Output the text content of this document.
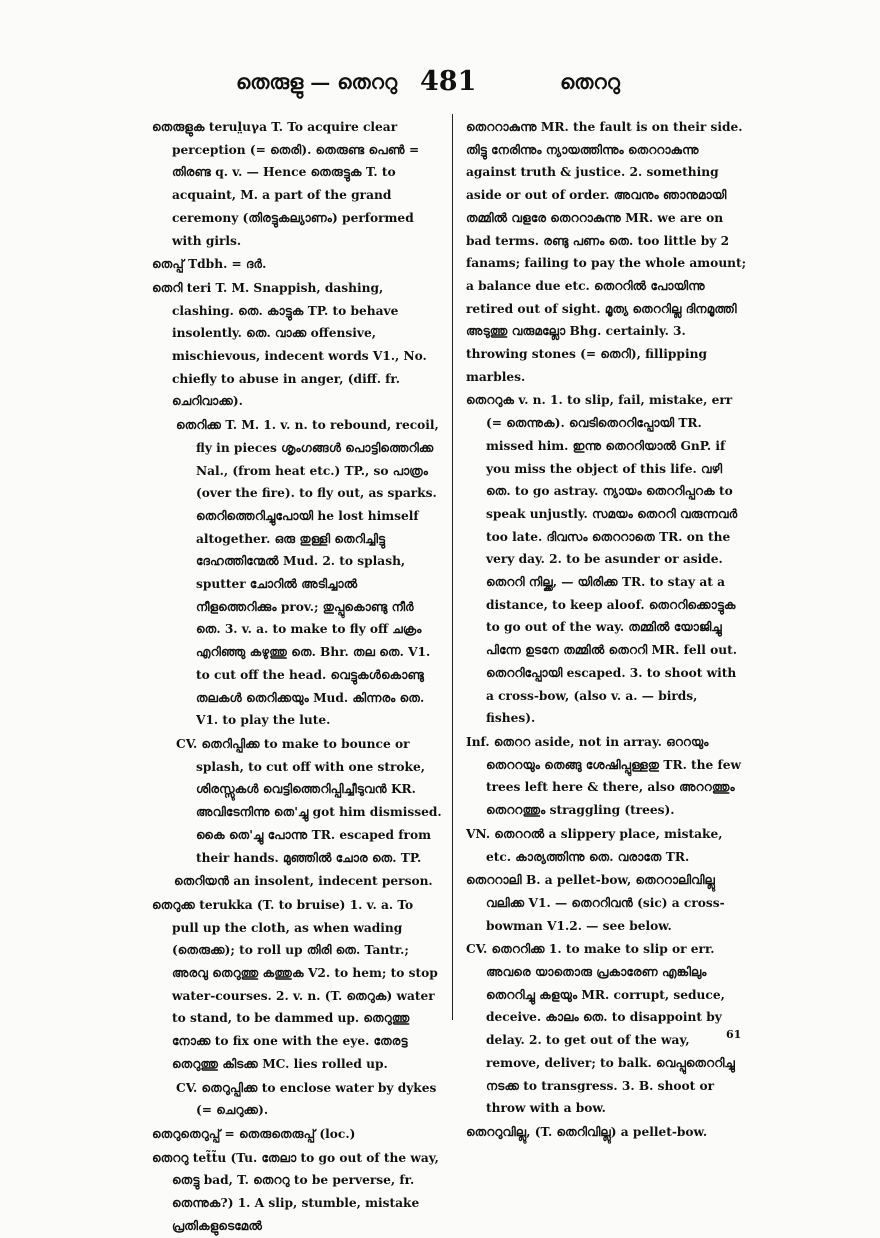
തെരുളു — തെററു 481	തെററു

തെരുളുക terul̤uγa T. To acquire clear perception (= തെരി). തെരുണ്ട പെൺ = തിരണ്ട q. v. — Hence തെരുട്ടുക T. to acquaint, M. a part of the grand ceremony (തിരട്ടുകല്യാണം) performed with girls.

തെപ്പ് Tdbh. = ദർ.

തെറി teri T. M. Snappish, dashing, clashing. തെ. കാട്ടുക TP. to behave insolently. തെ. വാക്ക offensive, mischievous, indecent words V1., No. chiefly to abuse in anger, (diff. fr. ചെറിവാക്ക).

തെറിക്ക T. M. 1. v. n. to rebound, recoil, fly in pieces ശൃംഗങ്ങൾ പൊട്ടിത്തെറിക്ക Nal., (from heat etc.) TP., so പാത്രം (over the fire). to fly out, as sparks. തെറിത്തെറിച്ചുപോയി he lost himself altogether. ഒരു തുള്ളി തെറിച്ചിട്ടു ദേഹത്തിന്മേൽ Mud. 2. to splash, sputter ചോറിൽ അടിച്ചാൽ നീളത്തെറിക്കും prov.; തുപ്പുകൊണ്ടു നീർ തെ. 3. v. a. to make to fly off ചക്രം എറിഞ്ഞു കഴുത്തു തെ. Bhr. തല തെ. V1. to cut off the head. വെട്ടുകൾകൊണ്ടു തലകൾ തെറിക്കയും Mud. കിന്നരം തെ. V1. to play the lute.

CV. തെറിപ്പിക്ക to make to bounce or splash, to cut off with one stroke, ശിരസ്സുകൾ വെട്ടിത്തെറിപ്പിച്ചീടുവൻ KR. അവിടേനിന്നു തെ'ച്ചു got him dismissed. കൈ തെ'ച്ചു പോന്നു TR. escaped from their hands. മുഞ്ഞിൽ ചോര തെ. TP.

തെറിയൻ an insolent, indecent person.

തെറുക്ക terukka (T. to bruise) 1. v. a. To pull up the cloth, as when wading (തെരുക്ക); to roll up തിരി തെ. Tantr.; അരവു തെറുത്തു കത്തുക V2. to hem; to stop water-courses. 2. v. n. (T. തെറുക) water to stand, to be dammed up. തെറുത്തു നോക്ക to fix one with the eye. തേരട്ട തെറുത്തു കിടക്ക MC. lies rolled up.

CV. തെറുപ്പിക്ക to enclose water by dykes (= ചെറുക്ക).

തെറുതെറുപ്പ് = തെരുതെരുപ്പ് (loc.)

തെററു tet̃t̃u (Tu. തേലാ to go out of the way, തെട്ടു bad, T. തെററു to be perverse, fr. തെന്നുക?) 1. A slip, stumble, mistake പ്രതികളുടെമേൽ

തെററാകുന്നു MR. the fault is on their side. തിട്ടു നേരിന്നും ന്യായത്തിന്നും തെററാകുന്നു against truth & justice. 2. something aside or out of order. അവനും ഞാനുമായി തമ്മിൽ വളരേ തെററാകുന്നു MR. we are on bad terms. രണ്ടു പണം തെ. too little by 2 fanams; failing to pay the whole amount; a balance due etc. തെററിൽ പോയിന്നു retired out of sight. മൂത്യ തെററില്ല ദിനമൂത്തി അടുത്തു വരുമല്ലോ Bhg. certainly. 3. throwing stones (= തെറി), fillipping marbles.

തെററുക v. n. 1. to slip, fail, mistake, err (= തെന്നുക). വെടിതെററിപ്പോയി TR. missed him. ഇന്നു തെററിയാൽ GnP. if you miss the object of this life. വഴി തെ. to go astray. ന്യായം തെററിപ്പറക to speak unjustly. സമയം തെററി വരുന്നവർ too late. ദിവസം തെററാതെ TR. on the very day. 2. to be asunder or aside. തെററി നില്ക്ക, — യിരിക്ക TR. to stay at a distance, to keep aloof. തെററിക്കൊട്ടുക to go out of the way. തമ്മിൽ യോജിച്ചു പിന്നേ ഉടനേ തമ്മിൽ തെററി MR. fell out. തെററിപ്പോയി escaped. 3. to shoot with a cross-bow, (also v. a. — birds, fishes).

Inf. തെററ aside, not in array. ഒററയും തെററയും തെങ്ങു ശേഷിപ്പുള്ളതു TR. the few trees left here & there, also അററത്തും തെററത്തും straggling (trees).

VN. തെററൽ a slippery place, mistake, etc. കാര്യത്തിന്നു തെ. വരാതേ TR.

തെററാലി B. a pellet-bow, തെററാലിവില്ലു വലിക്ക V1. — തെററിവൻ (sic) a cross-bowman V1.2. — see below.

CV. തെററിക്ക 1. to make to slip or err. അവരെ യാതൊരു പ്രകാരേണ എങ്കിലും തെററിച്ചു കളയും MR. corrupt, seduce, deceive. കാലം തെ. to disappoint by delay. 2. to get out of the way, remove, deliver; to balk. വെപ്പുതെററിച്ചു നടക്ക to transgress. 3. B. shoot or throw with a bow.

തെററുവില്ലു, (T. തെറിവില്ലു) a pellet-bow.

61
